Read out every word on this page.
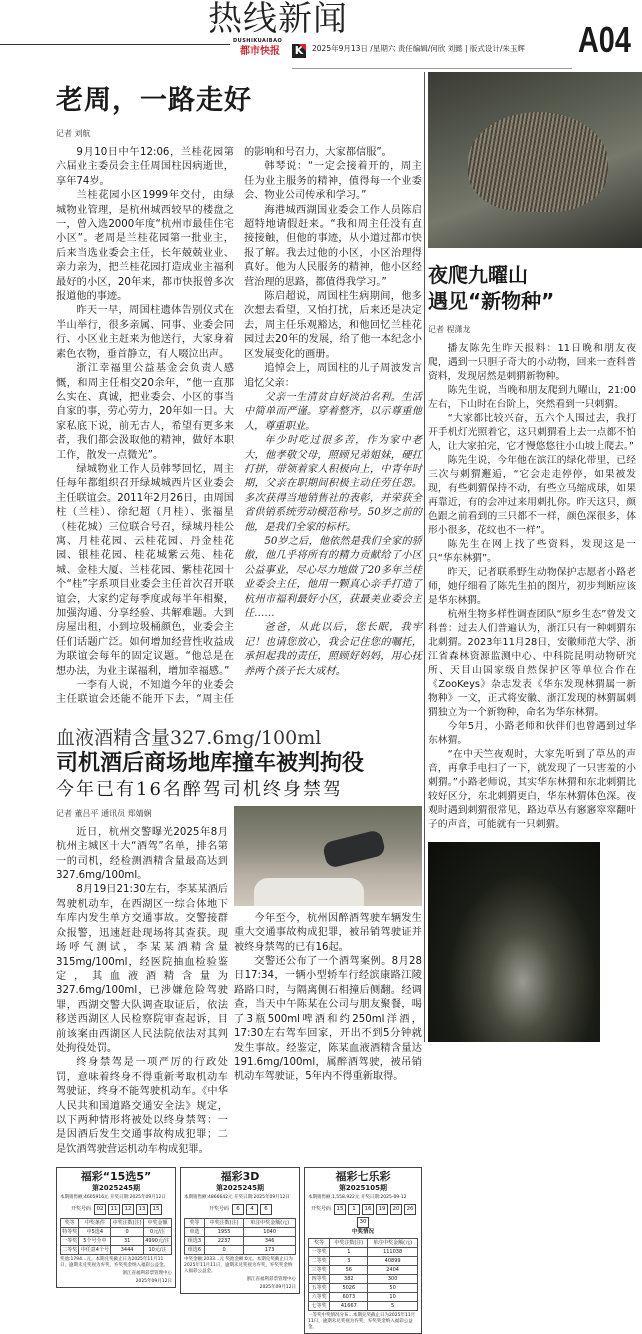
热线新闻
DUSHIKUAIBAO
都市快报 K	2025年9月13日 /星期六 责任编辑/何欣 刘懿 | 版式设计/朱玉辉	A04
老周，一路走好
记者 刘航

9月10日中午12:06，兰桂花园第六届业主委员会主任周国柱因病逝世，享年74岁。

兰桂花园小区1999年交付，由绿城物业管理，是杭州城西较早的楼盘之一，曾入选2000年度“杭州市最佳住宅小区”。老周是兰桂花园第一批业主，后来当选业委会主任，长年兢兢业业、亲力亲为，把兰桂花园打造成业主福利最好的小区，20年来，都市快报曾多次报道他的事迹。

昨天一早，周国柱遗体告别仪式在半山举行，很多亲属、同事、业委会同行、小区业主赶来为他送行，大家身着素色衣物，垂首静立，有人啜泣出声。

浙江幸福里公益基金会负责人感慨，和周主任相交20余年，“他一直那么实在、真诚，把业委会、小区的事当自家的事，劳心劳力，20年如一日。大家私底下说，前无古人，希望有更多来者，我们都会汲取他的精神，做好本职工作，散发一点微光”。

绿城物业工作人员韩琴回忆，周主任每年都组织召开绿城城西片区业委会主任联谊会。2011年2月26日，由周国柱（兰桂）、徐纪超（月桂）、张福星（桂花城）三位联合号召，绿城丹桂公寓、月桂花园、云桂花园、丹金桂花园、银桂花园、桂花城紫云苑、桂花城、金桂大厦、兰桂花园、紫桂花园十个“桂”字系项目业委会主任首次召开联谊会，大家约定每季度或每半年相聚，加强沟通、分享经验、共解难题。大到房屋出租，小到垃圾桶颜色，业委会主任们话题广泛。如何增加经营性收益成为联谊会每年的固定议题。“他总是在想办法，为业主谋福利，增加幸福感。”

一李有人说，不知道今年的业委会主任联谊会还能不能开下去，“周主任的影响和号召力，大家都信服”。

韩琴说：“一定会接着开的，周主任为业主服务的精神，值得每一个业委会、物业公司传承和学习。”

海港城西湖国业委会工作人员陈启超特地请假赶来。“我和周主任没有直接接触，但他的事迹，从小道过都市快报了解。我去过他的小区，小区治理得真好。他为人民服务的精神，他小区经营治理的思路，都值得我学习。”

陈启超说，周国柱生病期间，他多次想去看望，又怕打扰，后来还是决定去，周主任乐观豁达，和他回忆兰桂花园过去20年的发展，给了他一本纪念小区发展变化的画册。

追悼会上，周国柱的儿子周波发言追忆父亲：

父亲一生清贫自好淡泊名利。生活中简单而严谨。穿着整齐，以示尊重他人，尊重职业。

年少时吃过很多苦，作为家中老大，他孝敬父母，照顾兄弟姐妹，硬扛打拼，带领着家人积极向上，中青年时期，父亲在职期间积极主动任劳任怨。多次获得当地销售社的表彰，并荣获全省供销系统劳动模范称号。50岁之前的他，是我们全家的标杆。

50岁之后，他依然是我们全家的骄傲，他几乎将所有的精力贡献给了小区公益事业，尽心尽力地做了20多年兰桂业委会主任，他用一颗真心亲手打造了杭州市福利最好小区，获最美业委会主任……

爸爸，从此以后，您长眠，我牢记！也请您放心，我会记住您的嘱托，承担起我的责任，照顾好妈妈，用心抚养两个孩子长大成材。

血液酒精含量327.6mg/100ml
司机酒后商场地库撞车被判拘役
今年已有16名醉驾司机终身禁驾
记者 董吕平 通讯员 郑婧娴

近日，杭州交警曝光2025年8月杭州主城区十大“酒驾”名单，排名第一的司机，经检测酒精含量最高达到327.6mg/100ml。

8月19日21:30左右，李某某酒后驾驶机动车，在西湖区一综合体地下车库内发生单方交通事故。交警接群众报警，迅速赶赴现场将其查获。现场呼气测试，李某某酒精含量315mg/100ml，经医院抽血检验鉴定，其血液酒精含量为327.6mg/100ml，已涉嫌危险驾驶罪，西湖交警大队调查取证后，依法移送西湖区人民检察院审查起诉，目前该案由西湖区人民法院依法对其判处拘役处罚。

终身禁驾是一项严厉的行政处罚，意味着终身不得重新考取机动车驾驶证，终身不能驾驶机动车。《中华人民共和国道路交通安全法》规定，以下两种情形将被处以终身禁驾：一是因酒后发生交通事故构成犯罪；二是饮酒驾驶营运机动车构成犯罪。

今年至今，杭州因醉酒驾驶车辆发生重大交通事故构成犯罪，被吊销驾驶证并被终身禁驾的已有16起。

交警还公布了一个酒驾案例。8月28日17:34，一辆小型轿车行经滨康路江陵路路口时，与隔离侧石相撞后侧翻。经调查，当天中午陈某在公司与朋友聚餐，喝了3瓶500ml啤酒和约250ml洋酒，17:30左右驾车回家，开出不到5分钟就发生事故。经鉴定，陈某血液酒精含量达191.6mg/100ml，属醉酒驾驶，被吊销机动车驾驶证，5年内不得重新取得。

福彩“15选5”
第2025245期
本期销售额:4605916元 开奖日期:2025年09月12日
开奖号码 02 11 12 13 15
奖等	中奖条件	中奖注数(注)	中奖金额
特等奖	中5选4	0	0元/注
一等奖	5个号全中	31	4990元/注
二等奖	中任意4个号	3444	10元/注
奖池:1794…元。本期兑奖截止日为2025年11月11日，逾期未兑奖视为弃奖，弃奖奖金纳入福彩公益金。
浙江省福利彩票管理中心
2025年09月12日
福彩3D
第2025245期
本期销售额:4866642元 开奖日期:2025年09月12日
开奖号码 6 4 6
奖等	中奖注数(注)	单注中奖金额(元)
单选	1955	1040
组选3	2237	346
组选6	0	173
中奖金额:2033…元 奖池金额:0元。本期兑奖截止日为2025年11月11日，逾期未兑奖视为弃奖，弃奖奖金纳入福彩公益金。
浙江省福利彩票管理中心
2025年09月12日
福彩七乐彩
第2025105期
本期销售额:1,558,922元 开奖日期:2025-09-12
开奖号码 15 1 16 19 20 26 30
中奖情况
奖等	中奖注数(注)	单注中奖金额(元)
一等奖	1	111038
二等奖	3	40899
三等奖	56	2404
四等奖	382	300
五等奖	5026	50
六等奖	6073	10
七等奖	41667	5
一等奖中奖情况分布…本期兑奖截止日为2025年11月11日，逾期未兑奖视为弃奖，弃奖奖金纳入福彩公益金。
夜爬九曜山
遇见“新物种”
记者 程潇龙

播友陈先生昨天报料：11日晚和朋友夜爬，遇到一只胆子奇大的小动物，回来一查科普资料，发现居然是刺猬新物种。

陈先生说，当晚和朋友爬到九曜山，21:00左右，下山时在台阶上，突然看到一只刺猬。

“大家都比较兴奋，五六个人围过去，我打开手机灯光照着它，这只刺猬看上去一点都不怕人，让大家拍完，它才慢悠悠往小山坡上爬去。”

陈先生说，今年他在滨江的绿化带里，已经三次与刺猬邂逅，“它会走走停停，如果被发现，有些刺猬保持不动，有些立马缩成球，如果再靠近，有的会冲过来用刺扎你。昨天这只，颜色跟之前看到的三只都不一样，颜色深很多，体形小很多，花纹也不一样”。

陈先生在网上找了些资料，发现这是一只“华东林猬”。

昨天，记者联系野生动物保护志愿者小路老师，她仔细看了陈先生拍的图片，初步判断应该是华东林猬。

杭州生物多样性调查团队“原乡生态”曾发文科普：过去人们普遍认为，浙江只有一种刺猬东北刺猬。2023年11月28日，安徽师范大学、浙江省森林资源监测中心、中科院昆明动物研究所、天目山国家级自然保护区等单位合作在《ZooKeys》杂志发表《华东发现林猬属一新物种》一文，正式将安徽、浙江发现的林猬属刺猬独立为一个新物种，命名为华东林猬。

今年5月，小路老师和伙伴们也曾遇到过华东林猬。

“在中天竺夜观时，大家先听到了草丛的声音，再拿手电扫了一下，就发现了一只害羞的小刺猬。”小路老师说，其实华东林猬和东北刺猬比较好区分，东北刺猬更白，华东林猬体色深。夜观时遇到刺猬很常见，路边草丛有窸窸窣窣翻叶子的声音，可能就有一只刺猬。
